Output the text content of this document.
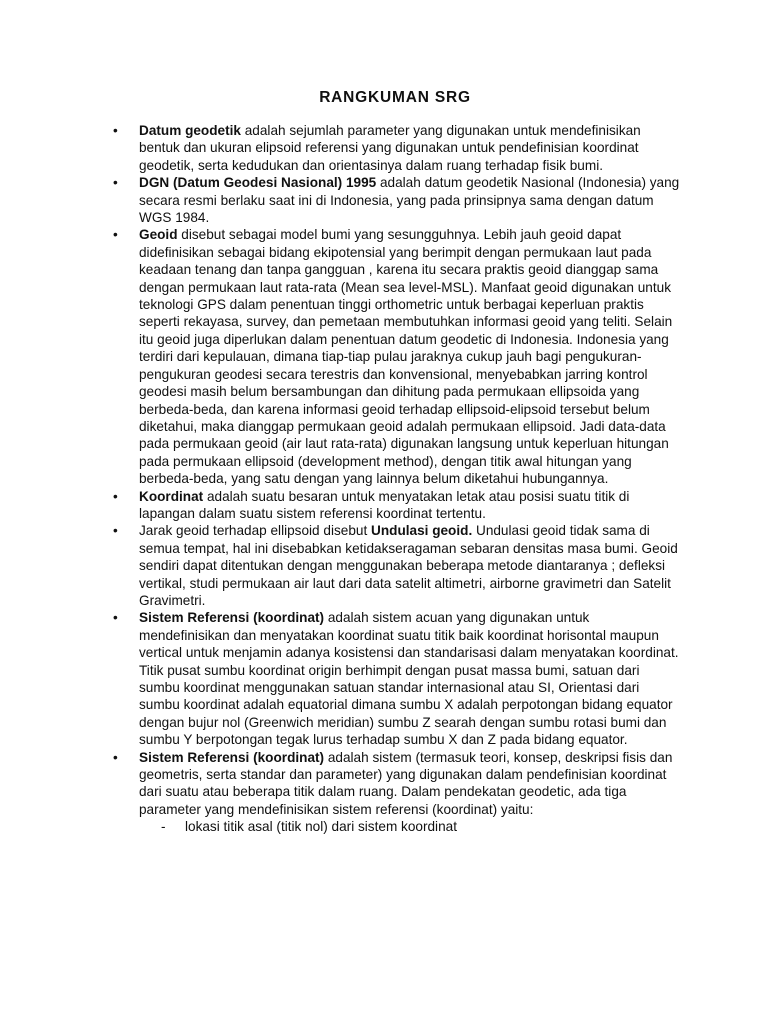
RANGKUMAN SRG
• Datum geodetik adalah sejumlah parameter yang digunakan untuk mendefinisikan bentuk dan ukuran elipsoid referensi yang digunakan untuk pendefinisian koordinat geodetik, serta kedudukan dan orientasinya dalam ruang terhadap fisik bumi.
• DGN (Datum Geodesi Nasional) 1995 adalah datum geodetik Nasional (Indonesia) yang secara resmi berlaku saat ini di Indonesia, yang pada prinsipnya sama dengan datum WGS 1984.
• Geoid disebut sebagai model bumi yang sesungguhnya. Lebih jauh geoid dapat didefinisikan sebagai bidang ekipotensial yang berimpit dengan permukaan laut pada keadaan tenang dan tanpa gangguan , karena itu secara praktis geoid dianggap sama dengan permukaan laut rata-rata (Mean sea level-MSL). Manfaat geoid digunakan untuk teknologi GPS dalam penentuan tinggi orthometric untuk berbagai keperluan praktis seperti rekayasa, survey, dan pemetaan membutuhkan informasi geoid yang teliti. Selain itu geoid juga diperlukan dalam penentuan datum geodetic di Indonesia. Indonesia yang terdiri dari kepulauan, dimana tiap-tiap pulau jaraknya cukup jauh bagi pengukuran-pengukuran geodesi secara terestris dan konvensional, menyebabkan jarring kontrol geodesi masih belum bersambungan dan dihitung pada permukaan ellipsoida yang berbeda-beda, dan karena informasi geoid terhadap ellipsoid-elipsoid tersebut belum diketahui, maka dianggap permukaan geoid adalah permukaan ellipsoid. Jadi data-data pada permukaan geoid (air laut rata-rata) digunakan langsung untuk keperluan hitungan pada permukaan ellipsoid (development method), dengan titik awal hitungan yang berbeda-beda, yang satu dengan yang lainnya belum diketahui hubungannya.
• Koordinat adalah suatu besaran untuk menyatakan letak atau posisi suatu titik di lapangan dalam suatu sistem referensi koordinat tertentu.
• Jarak geoid terhadap ellipsoid disebut Undulasi geoid. Undulasi geoid tidak sama di semua tempat, hal ini disebabkan ketidakseragaman sebaran densitas masa bumi. Geoid sendiri dapat ditentukan dengan menggunakan beberapa metode diantaranya ; defleksi vertikal, studi permukaan air laut dari data satelit altimetri, airborne gravimetri dan Satelit Gravimetri.
• Sistem Referensi (koordinat) adalah sistem acuan yang digunakan untuk mendefinisikan dan menyatakan koordinat suatu titik baik koordinat horisontal maupun vertical untuk menjamin adanya kosistensi dan standarisasi dalam menyatakan koordinat. Titik pusat sumbu koordinat origin berhimpit dengan pusat massa bumi, satuan dari sumbu koordinat menggunakan satuan standar internasional atau SI, Orientasi dari sumbu koordinat adalah equatorial dimana sumbu X adalah perpotongan bidang equator dengan bujur nol (Greenwich meridian) sumbu Z searah dengan sumbu rotasi bumi dan sumbu Y berpotongan tegak lurus terhadap sumbu X dan Z pada bidang equator.
• Sistem Referensi (koordinat) adalah sistem (termasuk teori, konsep, deskripsi fisis dan geometris, serta standar dan parameter) yang digunakan dalam pendefinisian koordinat dari suatu atau beberapa titik dalam ruang. Dalam pendekatan geodetic, ada tiga parameter yang mendefinisikan sistem referensi (koordinat) yaitu:
- lokasi titik asal (titik nol) dari sistem koordinat
